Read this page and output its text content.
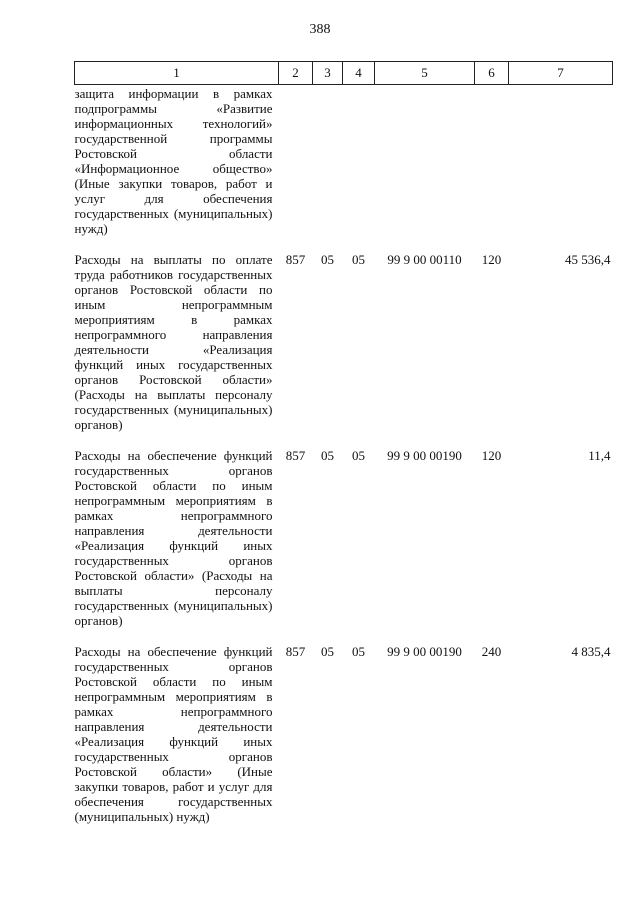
388
1	2	3	4	5	6	7
защита информации в рамках подпрограммы «Развитие информационных технологий» государственной программы Ростовской области «Информационное общество» (Иные закупки товаров, работ и услуг для обеспечения государственных (муниципальных) нужд)						
Расходы на выплаты по оплате труда работников государственных органов Ростовской области по иным непрограммным мероприятиям в рамках непрограммного направления деятельности «Реализация функций иных государственных органов Ростовской области» (Расходы на выплаты персоналу государственных (муниципальных) органов)	857	05	05	99 9 00 00110	120	45 536,4
Расходы на обеспечение функций государственных органов Ростовской области по иным непрограммным мероприятиям в рамках непрограммного направления деятельности «Реализация функций иных государственных органов Ростовской области» (Расходы на выплаты персоналу государственных (муниципальных) органов)	857	05	05	99 9 00 00190	120	11,4
Расходы на обеспечение функций государственных органов Ростовской области по иным непрограммным мероприятиям в рамках непрограммного направления деятельности «Реализация функций иных государственных органов Ростовской области» (Иные закупки товаров, работ и услуг для обеспечения государственных (муниципальных) нужд)	857	05	05	99 9 00 00190	240	4 835,4
